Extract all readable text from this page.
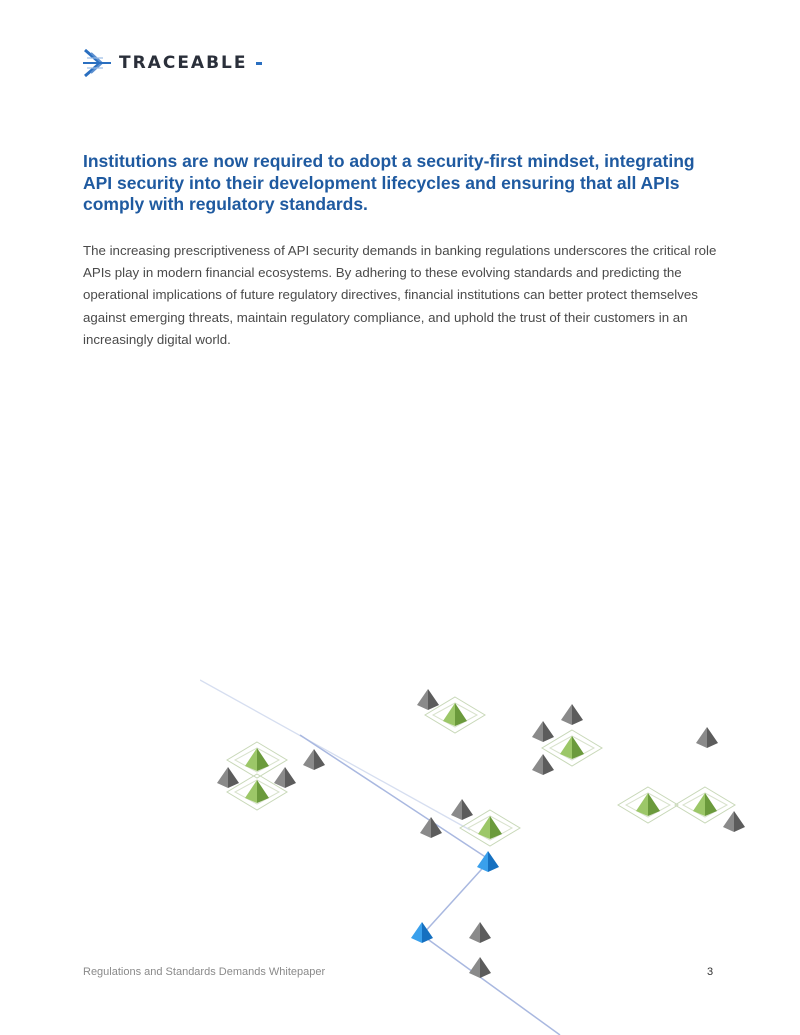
TRACEABLE
Institutions are now required to adopt a security-first mindset, integrating API security into their development lifecycles and ensuring that all APIs comply with regulatory standards.

The increasing prescriptiveness of API security demands in banking regulations underscores the critical role APIs play in modern financial ecosystems. By adhering to these evolving standards and predicting the operational implications of future regulatory directives, financial institutions can better protect themselves against emerging threats, maintain regulatory compliance, and uphold the trust of their customers in an increasingly digital world.

Regulations and Standards Demands Whitepaper	3
